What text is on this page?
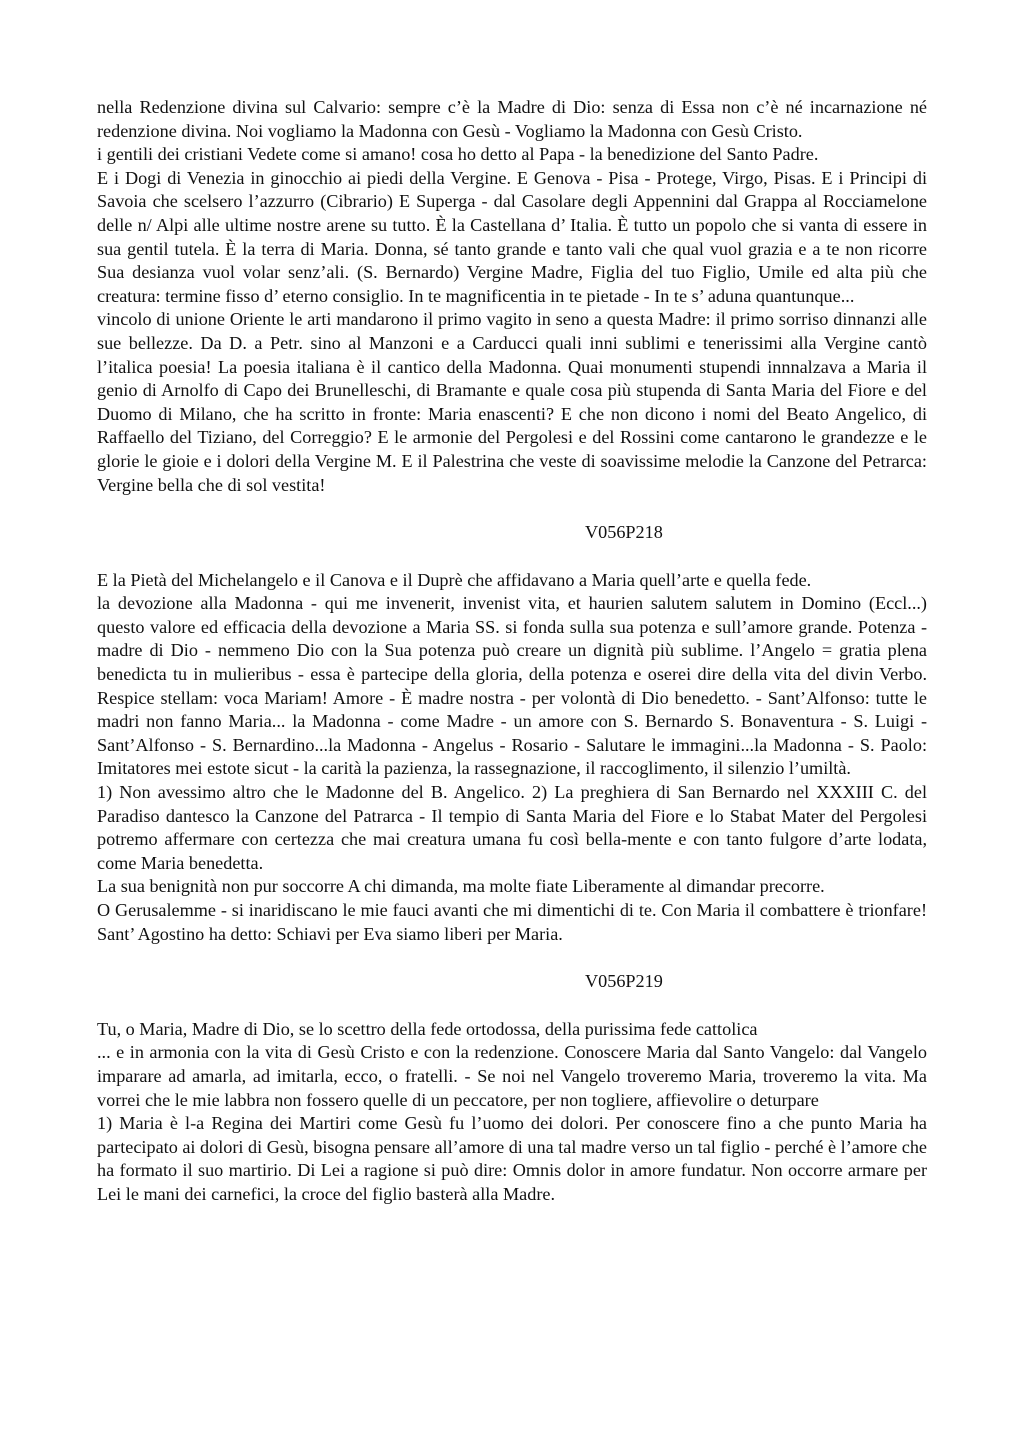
nella Redenzione divina sul Calvario: sempre c’è la Madre di Dio: senza di Essa non c’è né incarnazione né redenzione divina. Noi vogliamo la Madonna con Gesù - Vogliamo la Madonna con Gesù Cristo.

i gentili dei cristiani Vedete come si amano! cosa ho detto al Papa - la benedizione del Santo Padre.

E i Dogi di Venezia in ginocchio ai piedi della Vergine. E Genova - Pisa - Protege, Virgo, Pisas. E i Principi di Savoia che scelsero l’azzurro (Cibrario) E Superga - dal Casolare degli Appennini dal Grappa al Rocciamelone delle n/ Alpi alle ultime nostre arene su tutto. È la Castellana d’ Italia. È tutto un popolo che si vanta di essere in sua gentil tutela. È la terra di Maria. Donna, sé tanto grande e tanto vali che qual vuol grazia e a te non ricorre Sua desianza vuol volar senz’ali. (S. Bernardo) Vergine Madre, Figlia del tuo Figlio, Umile ed alta più che creatura: termine fisso d’ eterno consiglio. In te magnificentia in te pietade - In te s’ aduna quantunque...

vincolo di unione Oriente le arti mandarono il primo vagito in seno a questa Madre: il primo sorriso dinnanzi alle sue bellezze. Da D. a Petr. sino al Manzoni e a Carducci quali inni sublimi e tenerissimi alla Vergine cantò l’italica poesia! La poesia italiana è il cantico della Madonna. Quai monumenti stupendi innnalzava a Maria il genio di Arnolfo di Capo dei Brunelleschi, di Bramante e quale cosa più stupenda di Santa Maria del Fiore e del Duomo di Milano, che ha scritto in fronte: Maria enascenti? E che non dicono i nomi del Beato Angelico, di Raffaello del Tiziano, del Correggio? E le armonie del Pergolesi e del Rossini come cantarono le grandezze e le glorie le gioie e i dolori della Vergine M. E il Palestrina che veste di soavissime melodie la Canzone del Petrarca: Vergine bella che di sol vestita!

V056P218

E la Pietà del Michelangelo e il Canova e il Duprè che affidavano a Maria quell’arte e quella fede.

la devozione alla Madonna - qui me invenerit, invenist vita, et haurien salutem salutem in Domino (Eccl...) questo valore ed efficacia della devozione a Maria SS. si fonda sulla sua potenza e sull’amore grande. Potenza - madre di Dio - nemmeno Dio con la Sua potenza può creare un dignità più sublime. l’Angelo = gratia plena benedicta tu in mulieribus - essa è partecipe della gloria, della potenza e oserei dire della vita del divin Verbo. Respice stellam: voca Mariam! Amore - È madre nostra - per volontà di Dio benedetto. - Sant’Alfonso: tutte le madri non fanno Maria... la Madonna - come Madre - un amore con S. Bernardo S. Bonaventura - S. Luigi - Sant’Alfonso - S. Bernardino...la Madonna - Angelus - Rosario - Salutare le immagini...la Madonna - S. Paolo: Imitatores mei estote sicut - la carità la pazienza, la rassegnazione, il raccoglimento, il silenzio l’umiltà.

1) Non avessimo altro che le Madonne del B. Angelico. 2) La preghiera di San Bernardo nel XXXIII C. del Paradiso dantesco la Canzone del Patrarca - Il tempio di Santa Maria del Fiore e lo Stabat Mater del Pergolesi potremo affermare con certezza che mai creatura umana fu così bella-mente e con tanto fulgore d’arte lodata, come Maria benedetta.

La sua benignità non pur soccorre A chi dimanda, ma molte fiate Liberamente al dimandar precorre.

O Gerusalemme - si inaridiscano le mie fauci avanti che mi dimentichi di te. Con Maria il combattere è trionfare! Sant’ Agostino ha detto: Schiavi per Eva siamo liberi per Maria.

V056P219

Tu, o Maria, Madre di Dio, se lo scettro della fede ortodossa, della purissima fede cattolica

... e in armonia con la vita di Gesù Cristo e con la redenzione. Conoscere Maria dal Santo Vangelo: dal Vangelo imparare ad amarla, ad imitarla, ecco, o fratelli. - Se noi nel Vangelo troveremo Maria, troveremo la vita. Ma vorrei che le mie labbra non fossero quelle di un peccatore, per non togliere, affievolire o deturpare

1) Maria è l-a Regina dei Martiri come Gesù fu l’uomo dei dolori. Per conoscere fino a che punto Maria ha partecipato ai dolori di Gesù, bisogna pensare all’amore di una tal madre verso un tal figlio - perché è l’amore che ha formato il suo martirio. Di Lei a ragione si può dire: Omnis dolor in amore fundatur. Non occorre armare per Lei le mani dei carnefici, la croce del figlio basterà alla Madre.
